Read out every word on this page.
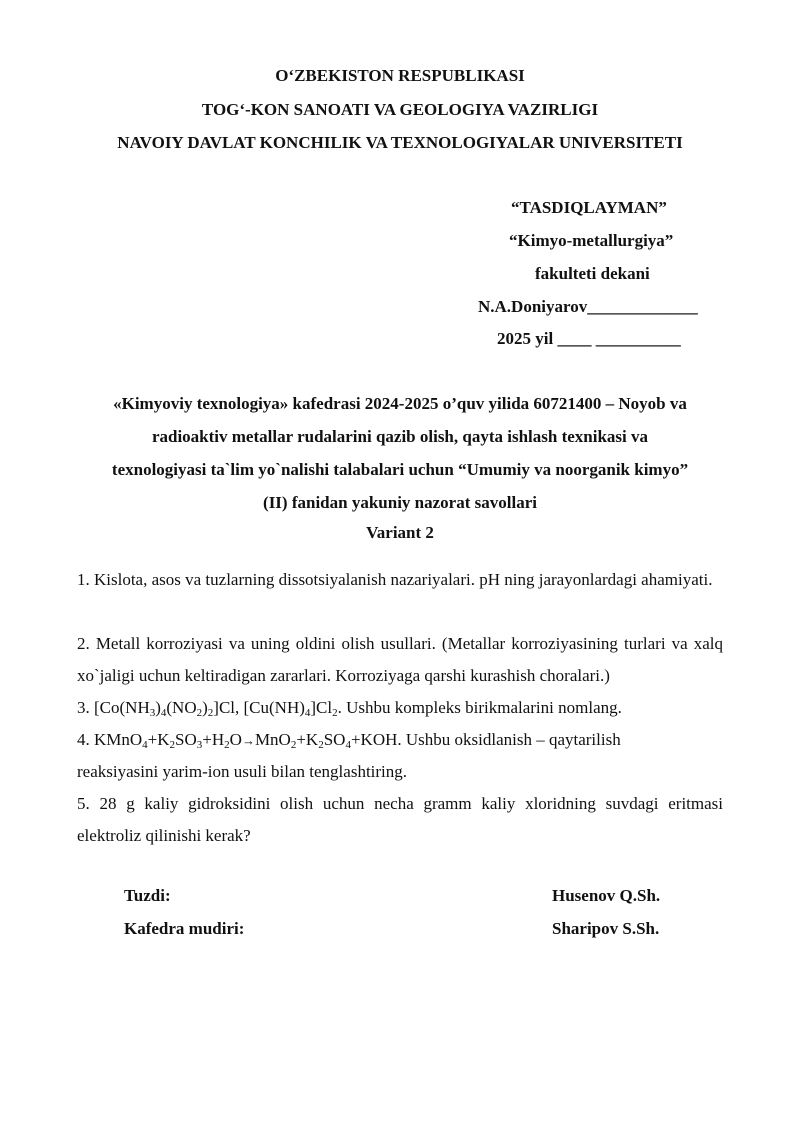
O‘ZBEKISTON RESPUBLIKASI
TOG‘-KON SANOATI VA GEOLOGIYA VAZIRLIGI
NAVOIY DAVLAT KONCHILIK VA TEXNOLOGIYALAR UNIVERSITETI
“TASDIQLAYMAN”
“Kimyo-metallurgiya”
fakulteti dekani
N.A.Doniyarov_____________
2025 yil ____ __________
«Kimyoviy texnologiya» kafedrasi 2024-2025 o’quv yilida 60721400 – Noyob va
radioaktiv metallar rudalarini qazib olish, qayta ishlash texnikasi va
texnologiyasi ta`lim yo`nalishi talabalari uchun “Umumiy va noorganik kimyo”
(II) fanidan yakuniy nazorat savollari
Variant 2
1. Kislota, asos va tuzlarning dissotsiyalanish nazariyalari. pH ning jarayonlardagi ahamiyati.
2. Metall korroziyasi va uning oldini olish usullari. (Metallar korroziyasining turlari va xalq xo`jaligi uchun keltiradigan zararlari. Korroziyaga qarshi kurashish choralari.)
3. $[Co(NH_3)_4(NO_2)_2]Cl$, $[Cu(NH)_4]Cl_2$. Ushbu kompleks birikmalarini nomlang.
4. $KMnO_4+K_2SO_3+H_2O\to MnO_2+K_2SO_4+KOH$. Ushbu oksidlanish – qaytarilish
reaksiyasini yarim-ion usuli bilan tenglashtiring.
5. 28 g kaliy gidroksidini olish uchun necha gramm kaliy xloridning suvdagi eritmasi elektroliz qilinishi kerak?
Tuzdi:	Husenov Q.Sh.
Kafedra mudiri:	Sharipov S.Sh.
